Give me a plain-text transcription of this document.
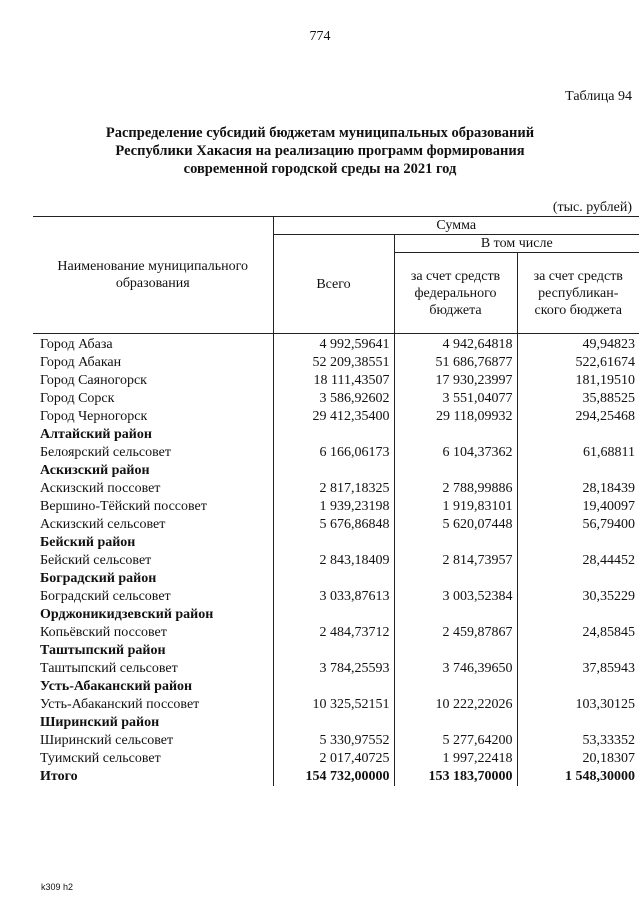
774
Таблица 94
Распределение субсидий бюджетам муниципальных образований
Республики Хакасия на реализацию программ формирования
современной городской среды на 2021 год
(тыс. рублей)
Наименование муниципального образования	Сумма		
	Всего	В том числе	
		за счет средств федерального бюджета	за счет средств республикан-ского бюджета
Город Абаза	4 992,59641	4 942,64818	49,94823
Город Абакан	52 209,38551	51 686,76877	522,61674
Город Саяногорск	18 111,43507	17 930,23997	181,19510
Город Сорск	3 586,92602	3 551,04077	35,88525
Город Черногорск	29 412,35400	29 118,09932	294,25468
Алтайский район			
Белоярский сельсовет	6 166,06173	6 104,37362	61,68811
Аскизский район			
Аскизский поссовет	2 817,18325	2 788,99886	28,18439
Вершино-Тёйский поссовет	1 939,23198	1 919,83101	19,40097
Аскизский сельсовет	5 676,86848	5 620,07448	56,79400
Бейский район			
Бейский сельсовет	2 843,18409	2 814,73957	28,44452
Боградский район			
Боградский сельсовет	3 033,87613	3 003,52384	30,35229
Орджоникидзевский район			
Копьёвский поссовет	2 484,73712	2 459,87867	24,85845
Таштыпский район			
Таштыпский сельсовет	3 784,25593	3 746,39650	37,85943
Усть-Абаканский район			
Усть-Абаканский поссовет	10 325,52151	10 222,22026	103,30125
Ширинский район			
Ширинский сельсовет	5 330,97552	5 277,64200	53,33352
Туимский сельсовет	2 017,40725	1 997,22418	20,18307
Итого	154 732,00000	153 183,70000	1 548,30000
k309 h2
